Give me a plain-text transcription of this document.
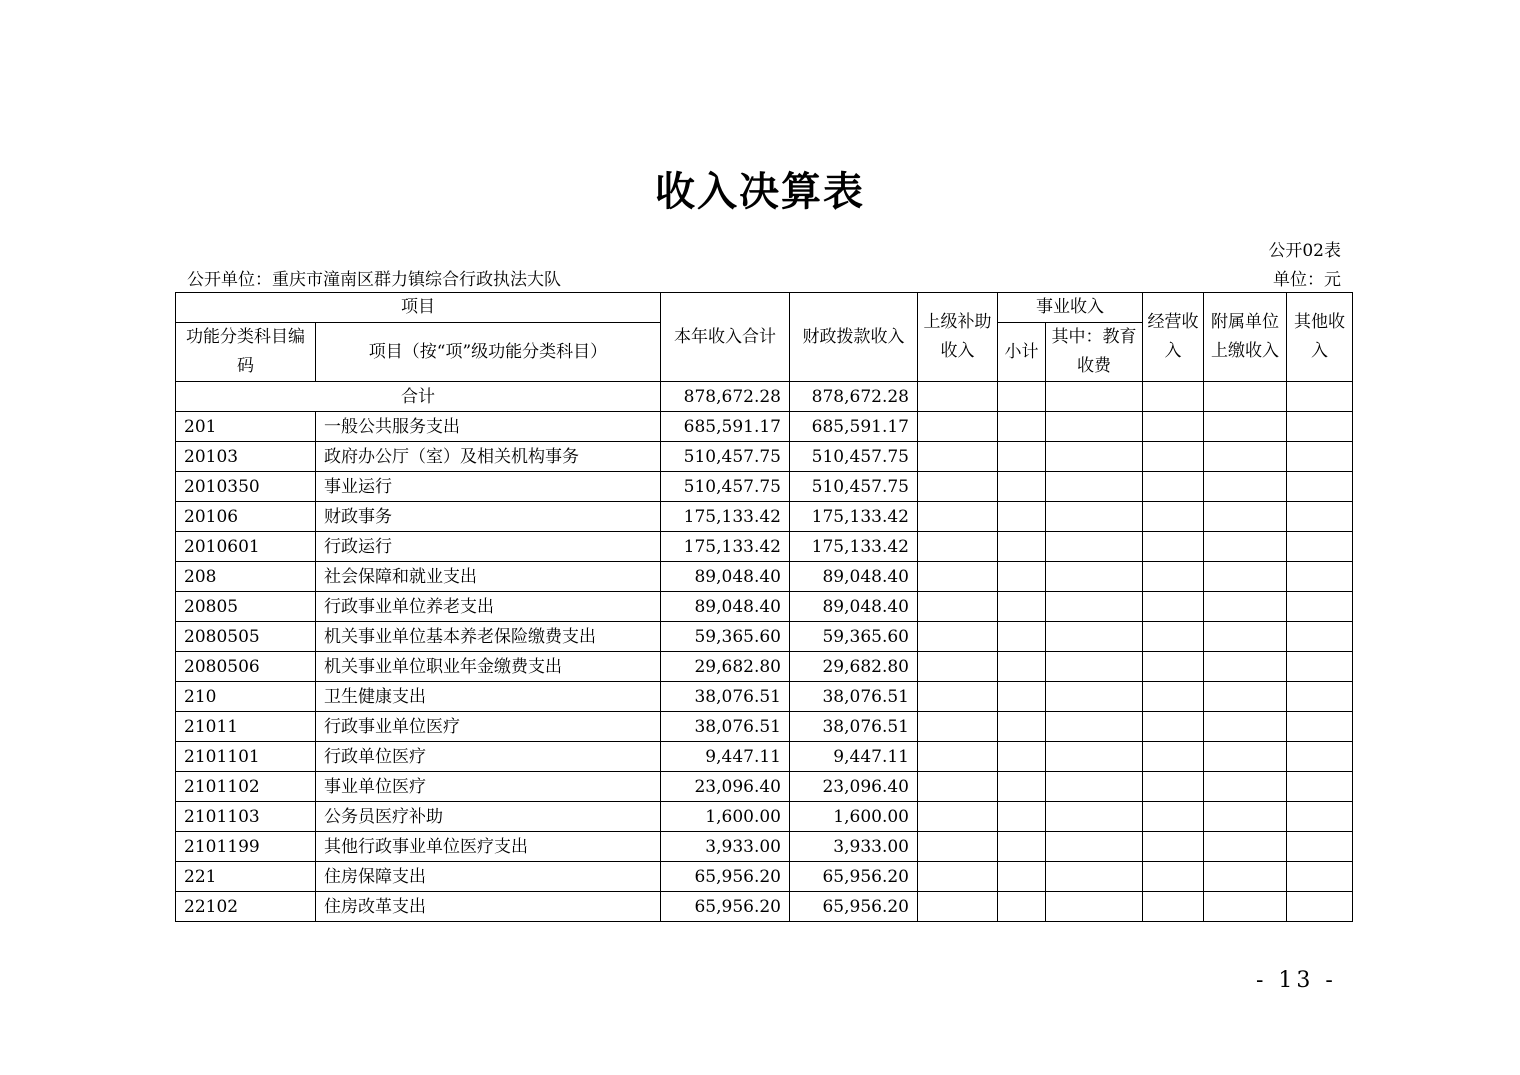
收入决算表
公开02表
公开单位：重庆市潼南区群力镇综合行政执法大队	单位：元
项目		本年收入合计	财政拨款收入	上级补助收入	事业收入		经营收入	附属单位上缴收入	其他收入
功能分类科目编码	项目（按“项”级功能分类科目）				小计	其中：教育收费			
合计		878,672.28	878,672.28						
201	一般公共服务支出	685,591.17	685,591.17						
20103	政府办公厅（室）及相关机构事务	510,457.75	510,457.75						
2010350	事业运行	510,457.75	510,457.75						
20106	财政事务	175,133.42	175,133.42						
2010601	行政运行	175,133.42	175,133.42						
208	社会保障和就业支出	89,048.40	89,048.40						
20805	行政事业单位养老支出	89,048.40	89,048.40						
2080505	机关事业单位基本养老保险缴费支出	59,365.60	59,365.60						
2080506	机关事业单位职业年金缴费支出	29,682.80	29,682.80						
210	卫生健康支出	38,076.51	38,076.51						
21011	行政事业单位医疗	38,076.51	38,076.51						
2101101	行政单位医疗	9,447.11	9,447.11						
2101102	事业单位医疗	23,096.40	23,096.40						
2101103	公务员医疗补助	1,600.00	1,600.00						
2101199	其他行政事业单位医疗支出	3,933.00	3,933.00						
221	住房保障支出	65,956.20	65,956.20						
22102	住房改革支出	65,956.20	65,956.20						
- 13 -
